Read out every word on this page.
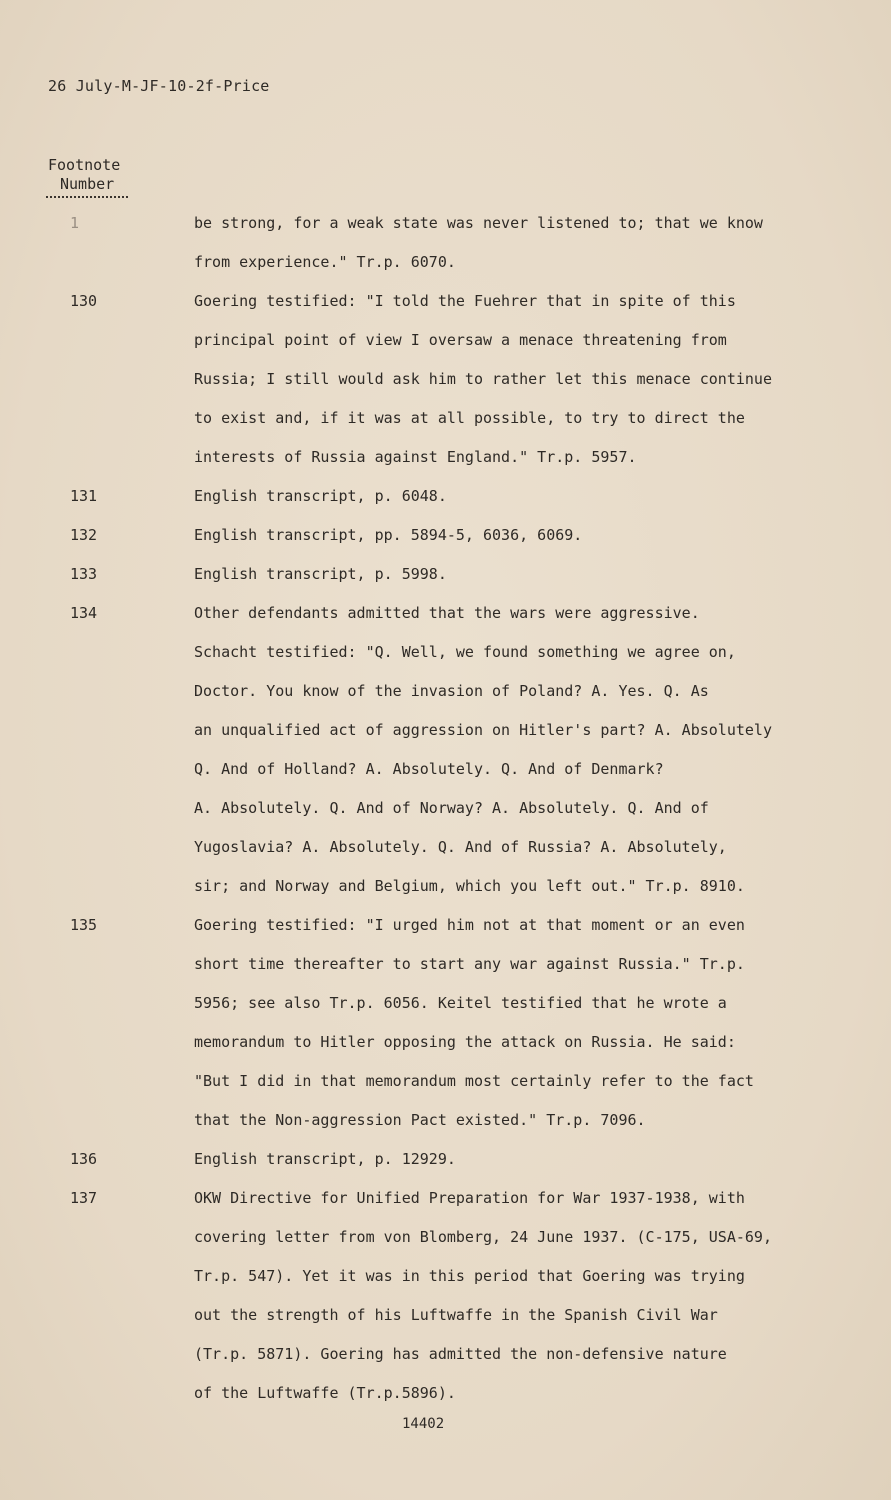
26 July-M-JF-10-2f-Price
Footnote
Number
1	be strong, for a weak state was never listened to; that we know
from experience." Tr.p. 6070.
130	Goering testified: "I told the Fuehrer that in spite of this
principal point of view I oversaw a menace threatening from
Russia; I still would ask him to rather let this menace continue
to exist and, if it was at all possible, to try to direct the
interests of Russia against England." Tr.p. 5957.
131	English transcript, p. 6048.
132	English transcript, pp. 5894-5, 6036, 6069.
133	English transcript, p. 5998.
134	Other defendants admitted that the wars were aggressive.
Schacht testified: "Q. Well, we found something we agree on,
Doctor. You know of the invasion of Poland? A. Yes. Q. As
an unqualified act of aggression on Hitler's part? A. Absolutely
Q. And of Holland? A. Absolutely. Q. And of Denmark?
A. Absolutely. Q. And of Norway? A. Absolutely. Q. And of
Yugoslavia? A. Absolutely. Q. And of Russia? A. Absolutely,
sir; and Norway and Belgium, which you left out." Tr.p. 8910.
135	Goering testified: "I urged him not at that moment or an even
short time thereafter to start any war against Russia." Tr.p.
5956; see also Tr.p. 6056. Keitel testified that he wrote a
memorandum to Hitler opposing the attack on Russia. He said:
"But I did in that memorandum most certainly refer to the fact
that the Non-aggression Pact existed." Tr.p. 7096.
136	English transcript, p. 12929.
137	OKW Directive for Unified Preparation for War 1937-1938, with
covering letter from von Blomberg, 24 June 1937. (C-175, USA-69,
Tr.p. 547). Yet it was in this period that Goering was trying
out the strength of his Luftwaffe in the Spanish Civil War
(Tr.p. 5871). Goering has admitted the non-defensive nature
of the Luftwaffe (Tr.p.5896).
14402
